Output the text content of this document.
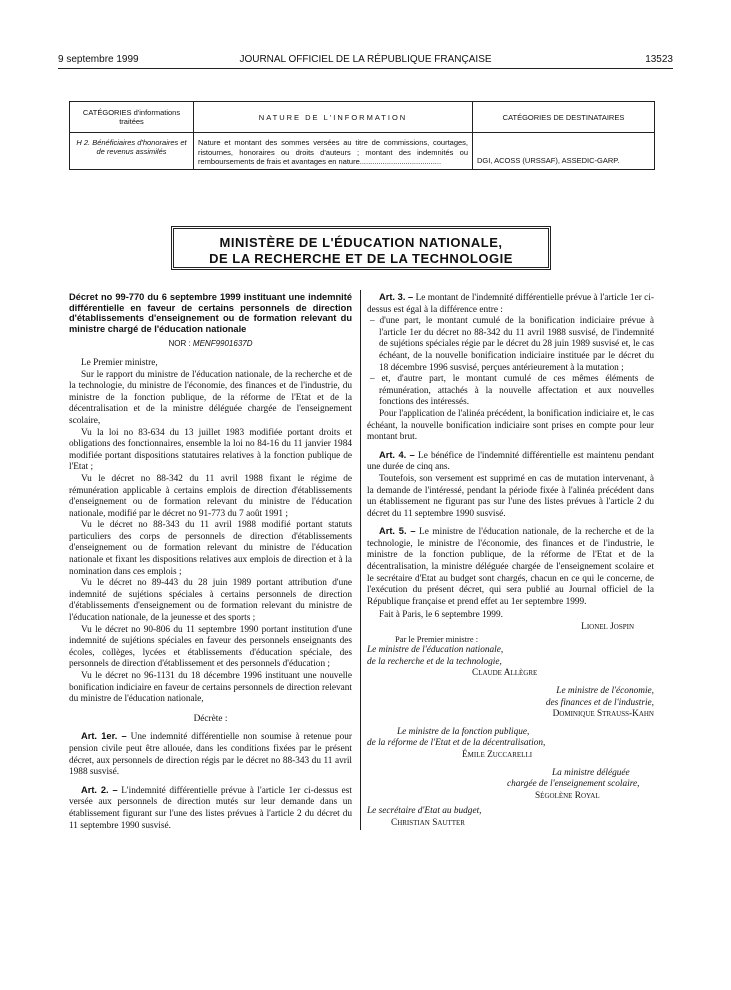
9 septembre 1999	JOURNAL OFFICIEL DE LA RÉPUBLIQUE FRANÇAISE	13523
CATÉGORIES d'informations traitées	NATURE DE L'INFORMATION	CATÉGORIES DE DESTINATAIRES
H 2. Bénéficiaires d'honoraires et de revenus assimilés	Nature et montant des sommes versées au titre de commissions, courtages, ristournes, honoraires ou droits d'auteurs ; montant des indemnités ou remboursements de frais et avantages en nature.......................................	DGI, ACOSS (URSSAF), ASSEDIC-GARP.
MINISTÈRE DE L'ÉDUCATION NATIONALE,
DE LA RECHERCHE ET DE LA TECHNOLOGIE

Décret no 99-770 du 6 septembre 1999 instituant une indemnité différentielle en faveur de certains personnels de direction d'établissements d'enseignement ou de formation relevant du ministre chargé de l'éducation nationale

NOR : MENF9901637D

Le Premier ministre,

Sur le rapport du ministre de l'éducation nationale, de la recherche et de la technologie, du ministre de l'économie, des finances et de l'industrie, du ministre de la fonction publique, de la réforme de l'Etat et de la décentralisation et de la ministre déléguée chargée de l'enseignement scolaire,

Vu la loi no 83-634 du 13 juillet 1983 modifiée portant droits et obligations des fonctionnaires, ensemble la loi no 84-16 du 11 janvier 1984 modifiée portant dispositions statutaires relatives à la fonction publique de l'Etat ;

Vu le décret no 88-342 du 11 avril 1988 fixant le régime de rémunération applicable à certains emplois de direction d'établissements d'enseignement ou de formation relevant du ministre de l'éducation nationale, modifié par le décret no 91-773 du 7 août 1991 ;

Vu le décret no 88-343 du 11 avril 1988 modifié portant statuts particuliers des corps de personnels de direction d'établissements d'enseignement ou de formation relevant du ministre de l'éducation nationale et fixant les dispositions relatives aux emplois de direction et à la nomination dans ces emplois ;

Vu le décret no 89-443 du 28 juin 1989 portant attribution d'une indemnité de sujétions spéciales à certains personnels de direction d'établissements d'enseignement ou de formation relevant du ministre de l'éducation nationale, de la jeunesse et des sports ;

Vu le décret no 90-806 du 11 septembre 1990 portant institution d'une indemnité de sujétions spéciales en faveur des personnels enseignants des écoles, collèges, lycées et établissements d'éducation spéciale, des personnels de direction d'établissement et des personnels d'éducation ;

Vu le décret no 96-1131 du 18 décembre 1996 instituant une nouvelle bonification indiciaire en faveur de certains personnels de direction relevant du ministre de l'éducation nationale,

Décrète :

Art. 1er. – Une indemnité différentielle non soumise à retenue pour pension civile peut être allouée, dans les conditions fixées par le présent décret, aux personnels de direction régis par le décret no 88-343 du 11 avril 1988 susvisé.

Art. 2. – L'indemnité différentielle prévue à l'article 1er ci-dessus est versée aux personnels de direction mutés sur leur demande dans un établissement figurant sur l'une des listes prévues à l'article 2 du décret du 11 septembre 1990 susvisé.

Art. 3. – Le montant de l'indemnité différentielle prévue à l'article 1er ci-dessus est égal à la différence entre :

– d'une part, le montant cumulé de la bonification indiciaire prévue à l'article 1er du décret no 88-342 du 11 avril 1988 susvisé, de l'indemnité de sujétions spéciales régie par le décret du 28 juin 1989 susvisé et, le cas échéant, de la nouvelle bonification indiciaire instituée par le décret du 18 décembre 1996 susvisé, perçues antérieurement à la mutation ;

– et, d'autre part, le montant cumulé de ces mêmes éléments de rémunération, attachés à la nouvelle affectation et aux nouvelles fonctions des intéressés.

Pour l'application de l'alinéa précédent, la bonification indiciaire et, le cas échéant, la nouvelle bonification indiciaire sont prises en compte pour leur montant brut.

Art. 4. – Le bénéfice de l'indemnité différentielle est maintenu pendant une durée de cinq ans.

Toutefois, son versement est supprimé en cas de mutation intervenant, à la demande de l'intéressé, pendant la période fixée à l'alinéa précédent dans un établissement ne figurant pas sur l'une des listes prévues à l'article 2 du décret du 11 septembre 1990 susvisé.

Art. 5. – Le ministre de l'éducation nationale, de la recherche et de la technologie, le ministre de l'économie, des finances et de l'industrie, le ministre de la fonction publique, de la réforme de l'Etat et de la décentralisation, la ministre déléguée chargée de l'enseignement scolaire et le secrétaire d'Etat au budget sont chargés, chacun en ce qui le concerne, de l'exécution du présent décret, qui sera publié au Journal officiel de la République française et prend effet au 1er septembre 1999.

Fait à Paris, le 6 septembre 1999.

Lionel Jospin

Par le Premier ministre :

Le ministre de l'éducation nationale,

de la recherche et de la technologie,

Claude Allègre

Le ministre de l'économie,

des finances et de l'industrie,

Dominique Strauss-Kahn

Le ministre de la fonction publique,

de la réforme de l'Etat et de la décentralisation,

Émile Zuccarelli

La ministre déléguée

chargée de l'enseignement scolaire,

Ségolène Royal

Le secrétaire d'Etat au budget,

Christian Sautter
